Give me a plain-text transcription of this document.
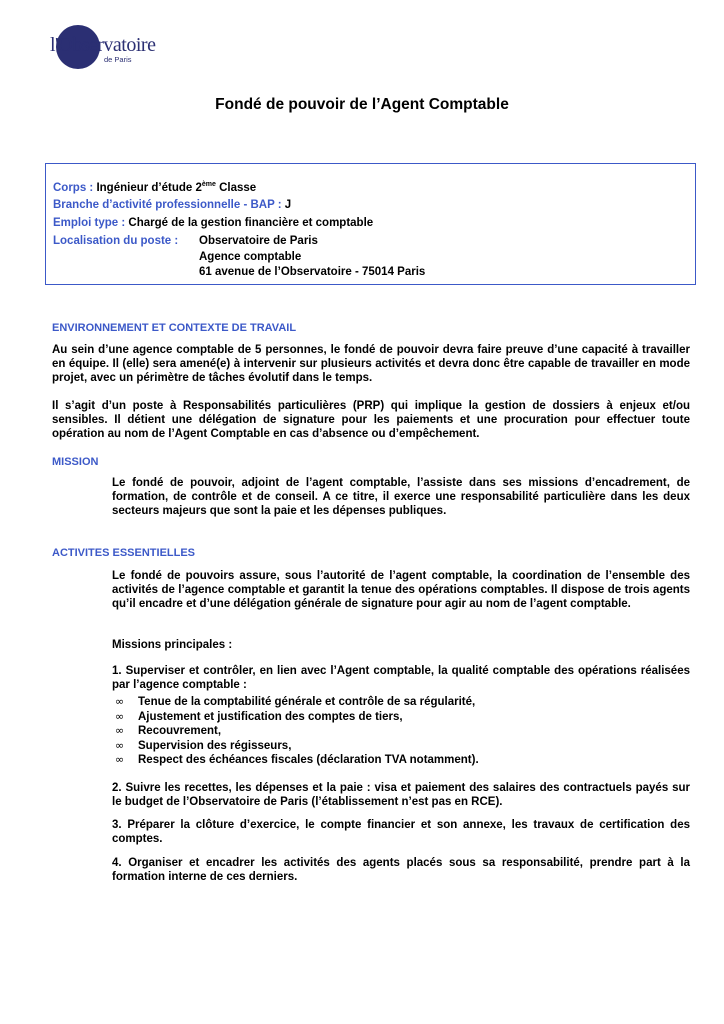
l'Observatoire
de Paris
Fondé de pouvoir de l’Agent Comptable
Corps : Ingénieur d’étude 2ème Classe
Branche d’activité professionnelle - BAP : J
Emploi type : Chargé de la gestion financière et comptable
Localisation du poste : Observatoire de Paris
Agence comptable
61 avenue de l’Observatoire - 75014 Paris
ENVIRONNEMENT ET CONTEXTE DE TRAVAIL

Au sein d’une agence comptable de 5 personnes, le fondé de pouvoir devra faire preuve d’une capacité à travailler en équipe. Il (elle) sera amené(e) à intervenir sur plusieurs activités et devra donc être capable de travailler en mode projet, avec un périmètre de tâches évolutif dans le temps.

Il s’agit d’un poste à Responsabilités particulières (PRP) qui implique la gestion de dossiers à enjeux et/ou sensibles. Il détient une délégation de signature pour les paiements et une procuration pour effectuer toute opération au nom de l’Agent Comptable en cas d’absence ou d’empêchement.

MISSION

Le fondé de pouvoir, adjoint de l’agent comptable, l’assiste dans ses missions d’encadrement, de formation, de contrôle et de conseil. A ce titre, il exerce une responsabilité particulière dans les deux secteurs majeurs que sont la paie et les dépenses publiques.

ACTIVITES ESSENTIELLES

Le fondé de pouvoirs assure, sous l’autorité de l’agent comptable, la coordination de l’ensemble des activités de l’agence comptable et garantit la tenue des opérations comptables. Il dispose de trois agents qu’il encadre et d’une délégation générale de signature pour agir au nom de l’agent comptable.

Missions principales :

1. Superviser et contrôler, en lien avec l’Agent comptable, la qualité comptable des opérations réalisées par l’agence comptable :

∞ Tenue de la comptabilité générale et contrôle de sa régularité,
∞ Ajustement et justification des comptes de tiers,
∞ Recouvrement,
∞ Supervision des régisseurs,
∞ Respect des échéances fiscales (déclaration TVA notamment).

2. Suivre les recettes, les dépenses et la paie : visa et paiement des salaires des contractuels payés sur le budget de l’Observatoire de Paris (l’établissement n’est pas en RCE).

3. Préparer la clôture d’exercice, le compte financier et son annexe, les travaux de certification des comptes.

4. Organiser et encadrer les activités des agents placés sous sa responsabilité, prendre part à la formation interne de ces derniers.
